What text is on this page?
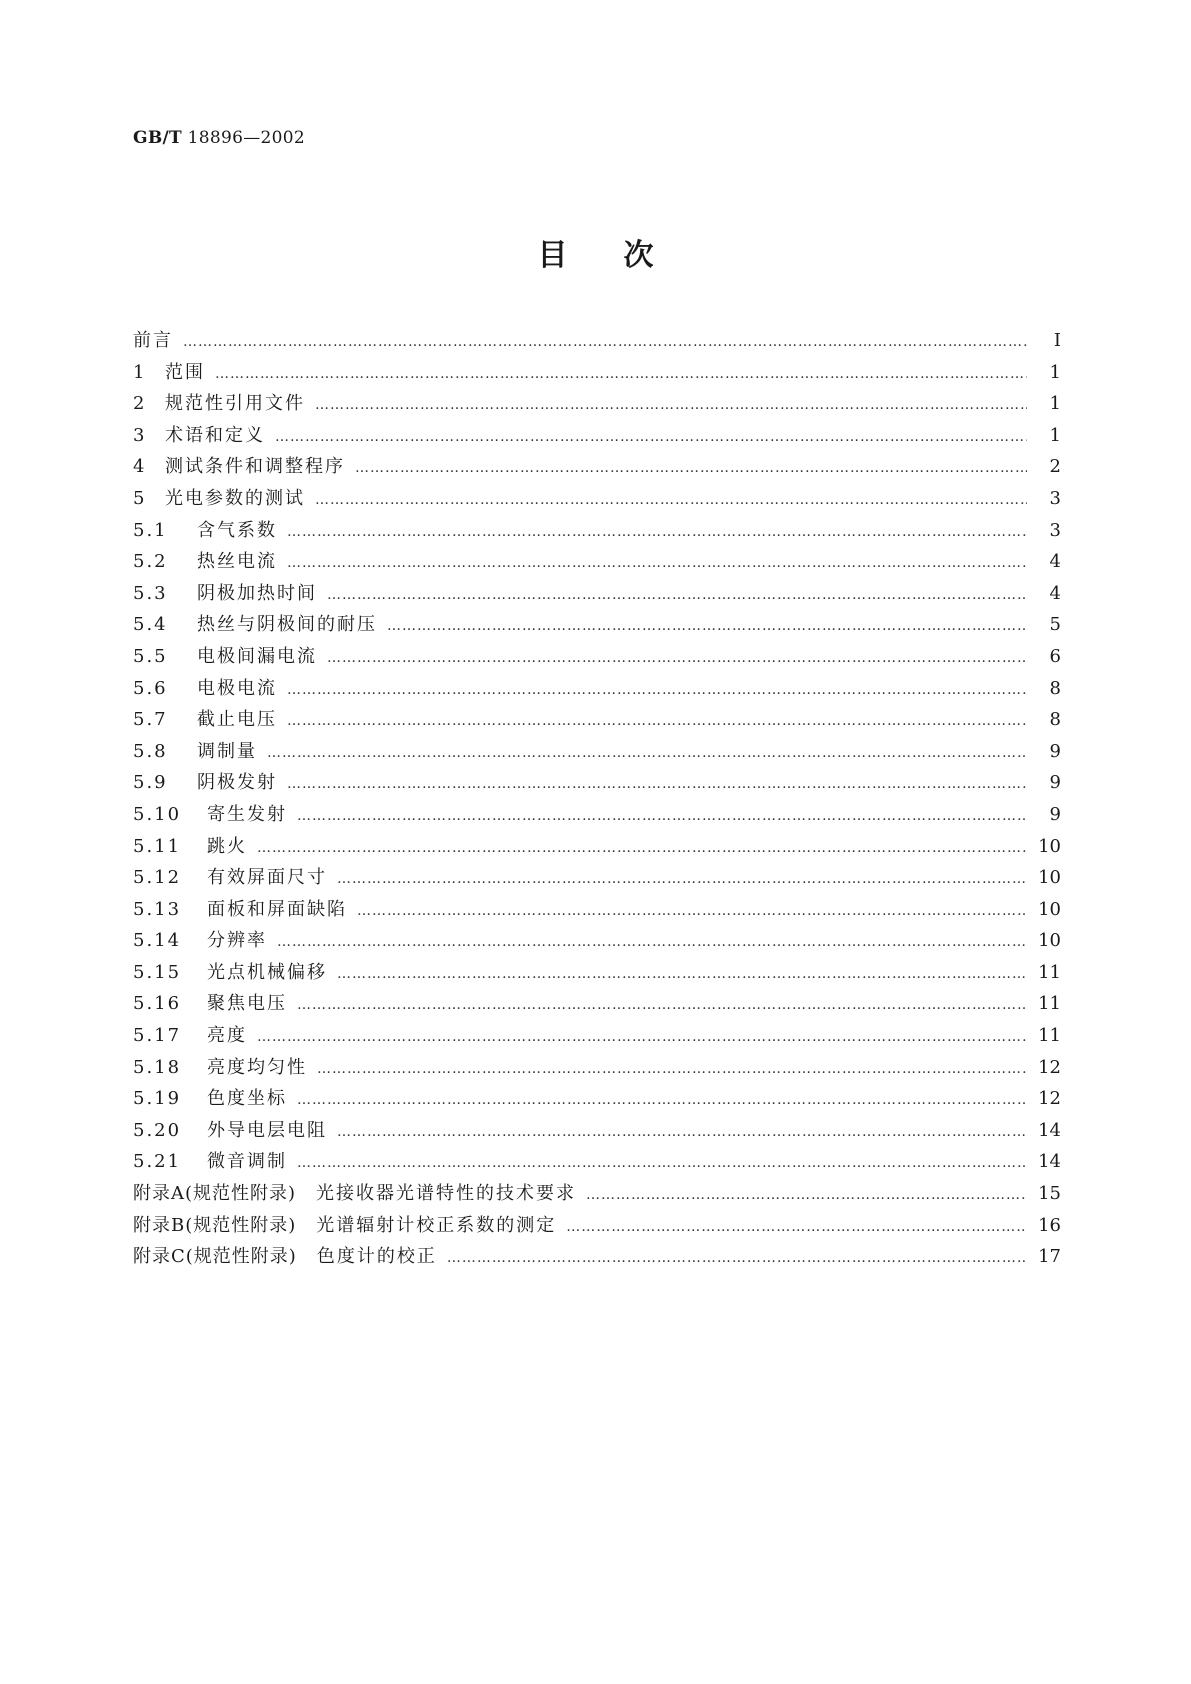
GB/T 18896—2002
目次
前言 ………………………………………………………………………………………………………………………………………………………………………………………………………………………………	I
1	范围 ………………………………………………………………………………………………………………………………………………………………………………………………………………………………	1
2	规范性引用文件 ………………………………………………………………………………………………………………………………………………………………………………………………………………………………	1
3	术语和定义 ………………………………………………………………………………………………………………………………………………………………………………………………………………………………	1
4	测试条件和调整程序 ………………………………………………………………………………………………………………………………………………………………………………………………………………………………	2
5	光电参数的测试 ………………………………………………………………………………………………………………………………………………………………………………………………………………………………	3
5.1	含气系数 ………………………………………………………………………………………………………………………………………………………………………………………………………………………………	3
5.2	热丝电流 ………………………………………………………………………………………………………………………………………………………………………………………………………………………………	4
5.3	阴极加热时间 ………………………………………………………………………………………………………………………………………………………………………………………………………………………………	4
5.4	热丝与阴极间的耐压 ………………………………………………………………………………………………………………………………………………………………………………………………………………………………	5
5.5	电极间漏电流 ………………………………………………………………………………………………………………………………………………………………………………………………………………………………	6
5.6	电极电流 ………………………………………………………………………………………………………………………………………………………………………………………………………………………………	8
5.7	截止电压 ………………………………………………………………………………………………………………………………………………………………………………………………………………………………	8
5.8	调制量 ………………………………………………………………………………………………………………………………………………………………………………………………………………………………	9
5.9	阴极发射 ………………………………………………………………………………………………………………………………………………………………………………………………………………………………	9
5.10	寄生发射 ………………………………………………………………………………………………………………………………………………………………………………………………………………………………	9
5.11	跳火 ………………………………………………………………………………………………………………………………………………………………………………………………………………………………	10
5.12	有效屏面尺寸 ………………………………………………………………………………………………………………………………………………………………………………………………………………………………	10
5.13	面板和屏面缺陷 ………………………………………………………………………………………………………………………………………………………………………………………………………………………………	10
5.14	分辨率 ………………………………………………………………………………………………………………………………………………………………………………………………………………………………	10
5.15	光点机械偏移 ………………………………………………………………………………………………………………………………………………………………………………………………………………………………	11
5.16	聚焦电压 ………………………………………………………………………………………………………………………………………………………………………………………………………………………………	11
5.17	亮度 ………………………………………………………………………………………………………………………………………………………………………………………………………………………………	11
5.18	亮度均匀性 ………………………………………………………………………………………………………………………………………………………………………………………………………………………………	12
5.19	色度坐标 ………………………………………………………………………………………………………………………………………………………………………………………………………………………………	12
5.20	外导电层电阻 ………………………………………………………………………………………………………………………………………………………………………………………………………………………………	14
5.21	微音调制 ………………………………………………………………………………………………………………………………………………………………………………………………………………………………	14
附录A(规范性附录) 光接收器光谱特性的技术要求 ………………………………………………………………………………………………………………………………………………………………………………………………………………………………	15
附录B(规范性附录) 光谱辐射计校正系数的测定 ………………………………………………………………………………………………………………………………………………………………………………………………………………………………	16
附录C(规范性附录) 色度计的校正 ………………………………………………………………………………………………………………………………………………………………………………………………………………………………	17
